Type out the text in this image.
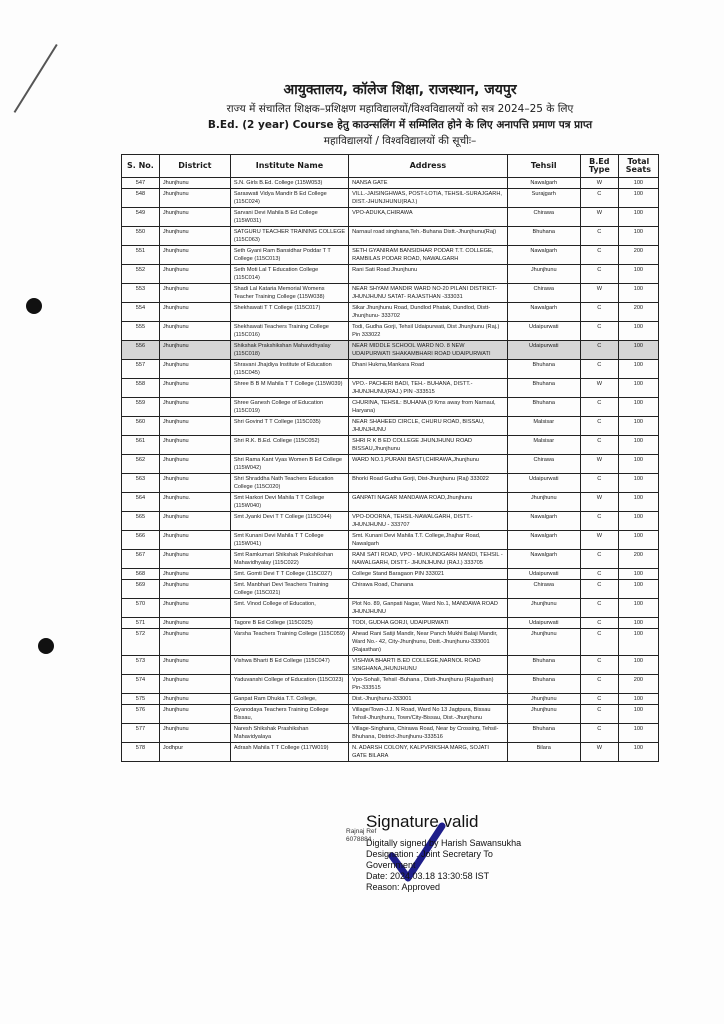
आयुक्तालय, कॉलेज शिक्षा, राजस्थान, जयपुर
राज्य में संचालित शिक्षक–प्रशिक्षण महाविद्यालयों/विश्वविद्यालयों को सत्र 2024–25 के लिए
B.Ed. (2 year) Course हेतु काउन्सलिंग में सम्मिलित होने के लिए अनापत्ति प्रमाण पत्र प्राप्त
महाविद्यालयों / विश्वविद्यालयों की सूचीः–
S. No.	District	Institute Name	Address	Tehsil	B.Ed Type	Total Seats
547	Jhunjhunu	S.N. Girls B.Ed. College (115W053)	NANSA GATE	Nawalgarh	W	100
548	Jhunjhunu	Saraswati Vidya Mandir B Ed College (115C024)	VILL.-JAISINGHWAS, POST-LOTIA, TEHSIL-SURAJGARH, DIST.-JHUNJHUNU(RAJ.)	Surajgarh	C	100
549	Jhunjhunu	Sarvani Devi Mahila B Ed College (115W031)	VPO-ADUKA,CHIRAWA	Chirawa	W	100
550	Jhunjhunu	SATGURU TEACHER TRAINING COLLEGE (115C063)	Narnaul road singhana,Teh.-Buhana Distt.-Jhunjhunu(Raj)	Bhuhana	C	100
551	Jhunjhunu	Seth Gyani Ram Bansidhar Poddar T T College (115C013)	SETH GYANIRAM BANSIDHAR PODAR T.T. COLLEGE, RAMBILAS PODAR ROAD, NAWALGARH	Nawalgarh	C	200
552	Jhunjhunu	Seth Moti Lal T Education College (115C014)	Rani Sati Road Jhunjhunu	Jhunjhunu	C	100
553	Jhunjhunu	Shadi Lal Kataria Memorial Womens Teacher Training College (115W038)	NEAR SHYAM MANDIR WARD NO-20 PILANI DISTRICT- JHUNJHUNU SATAT- RAJASTHAN -333031	Chirawa	W	100
554	Jhunjhunu	Shekhawati T T College (115C017)	Sikar Jhunjhunu Road, Dundlod Phatak, Dundlod, Distt-Jhunjhunu- 333702	Nawalgarh	C	200
555	Jhunjhunu	Shekhawati Teachers Training College (115C016)	Todi, Gudha Gorji, Tehsil Udaipurwati, Dist Jhunjhunu (Raj.) Pin 333022	Udaipurwati	C	100
556	Jhunjhunu	Shikshak Prakshikshan Mahavidhyalay (115C018)	NEAR MIDDLE SCHOOL WARD NO. 8 NEW UDAIPURWATI SHAKAMBHARI ROAD UDAIPURWATI	Udaipurwati	C	100
557	Jhunjhunu	Shravani Jhajdiya Institute of Education (115C045)	Dhani Hukma,Mankara Road	Bhuhana	C	100
558	Jhunjhunu	Shree B B M Mahila T T College (115W039)	VPO.- PACHERI BADI, TEH.- BUHANA, DISTT.- JHUNJHUNU(RAJ.) PIN -333515	Bhuhana	W	100
559	Jhunjhunu	Shree Ganesh College of Education (115C019)	CHURINA, TEHSIL: BUHANA (9 Kms away from Narnaul, Haryana)	Bhuhana	C	100
560	Jhunjhunu	Shri Govind T T College (115C035)	NEAR SHAHEED CIRCLE, CHURU ROAD, BISSAU, JHUNJHUNU	Malsisar	C	100
561	Jhunjhunu	Shri R.K. B.Ed. College (115C052)	SHRI R K B ED COLLEGE JHUNJHUNU ROAD BISSAU,Jhunjhunu	Malsisar	C	100
562	Jhunjhunu	Shri Rama Kant Vyas Women B Ed College (115W042)	WARD NO.1,PURANI BASTI,CHIRAWA,Jhunjhunu	Chirawa	W	100
563	Jhunjhunu	Shri Shraddha Nath Teachers Education College (115C020)	Bhorki Road Gudha Gorji, Dist-Jhunjhunu (Raj) 333022	Udaipurwati	C	100
564	Jhunjhunu.	Smt Harkori Devi Mahila T T College (115W040)	GANPATI NAGAR MANDAWA ROAD,Jhunjhunu	Jhunjhunu	W	100
565	Jhunjhunu	Smt Jyanki Devi T T College (115C044)	VPO-DOORNA, TEHSIL-NAWALGARH, DISTT.-JHUNJHUNU - 333707	Nawalgarh	C	100
566	Jhunjhunu	Smt Kunani Devi Mahila T T College (115W041)	Smt. Kunani Devi Mahila T.T. College,Jhajhar Road, Nawalgarh	Nawalgarh	W	100
567	Jhunjhunu	Smt Ramkumari Shikshak Prakshikshan Mahavidhyalay (115C022)	RANI SATI ROAD, VPO - MUKUNDGARH MANDI, TEHSIL - NAWALGARH, DISTT.- JHUNJHUNU (RAJ.) 333705	Nawalgarh	C	200
568	Jhunjhunu	Smt. Gomti Devi T T College (115C027)	College Stand Baragaon PIN 333021	Udaipurwati	C	100
569	Jhunjhunu	Smt. Manbhari Devi Teachers Training College (115C021)	Chirawa Road, Chanana	Chirawa	C	100
570	Jhunjhunu	Smt. Vinod College of Education,	Plot No. 89, Ganpati Nagar, Ward No.1, MANDAWA ROAD JHUNJHUNU	Jhunjhunu	C	100
571	Jhunjhunu	Tagore B Ed College (115C025)	TODI, GUDHA GORJI, UDAIPURWATI	Udaipurwati	C	100
572	Jhunjhunu	Varsha Teachers Training College (115C059)	Ahead Rani Satiji Mandir, Near Panch Mukhi Balaji Mandir, Ward No.- 42, City-Jhunjhunu, Distt.-Jhunjhunu-333001 (Rajasthan)	Jhunjhunu	C	100
573	Jhunjhunu	Vishwa Bharti B Ed College (115C047)	VISHWA BHARTI B.ED COLLEGE,NARNOL ROAD SINGHANA,JHUNJHUNU	Bhuhana	C	100
574	Jhunjhunu	Yaduvanshi College of Education (115C023)	Vpo-Sohali, Tehsil -Buhana , Distt-Jhunjhunu (Rajasthan) Pin-333515	Bhuhana	C	200
575	Jhunjhunu	Ganpat Ram Dhukia T.T. College,	Dist.-Jhunjhunu-333001	Jhunjhunu	C	100
576	Jhunjhunu	Gyanodaya Teachers Training College Bissau,	Village/Town-J.J. N Road, Ward No 13 Jagtpura, Bissau Tehsil-Jhunjhunu, Town/City-Bissau, Dist.-Jhunjhunu	Jhunjhunu	C	100
577	Jhunjhunu	Naresh Shikshak Prashikshan Mahavidyalaya	Village-Singhana, Chirawa Road, Near by Crossing, Tehsil-Bhuhana, District-Jhunjhunu-333516	Bhuhana	C	100
578	Jodhpur	Adrash Mahila T T College (117W019)	N. ADARSH COLONY, KALPVRIKSHA MARG, SOJATI GATE BILARA	Bilara	W	100
Rajnaj Ref
6078884
Signature valid
Digitally signed by Harish Sawansukha
Designation : Joint Secretary To
Government
Date: 2024.03.18 13:30:58 IST
Reason: Approved
